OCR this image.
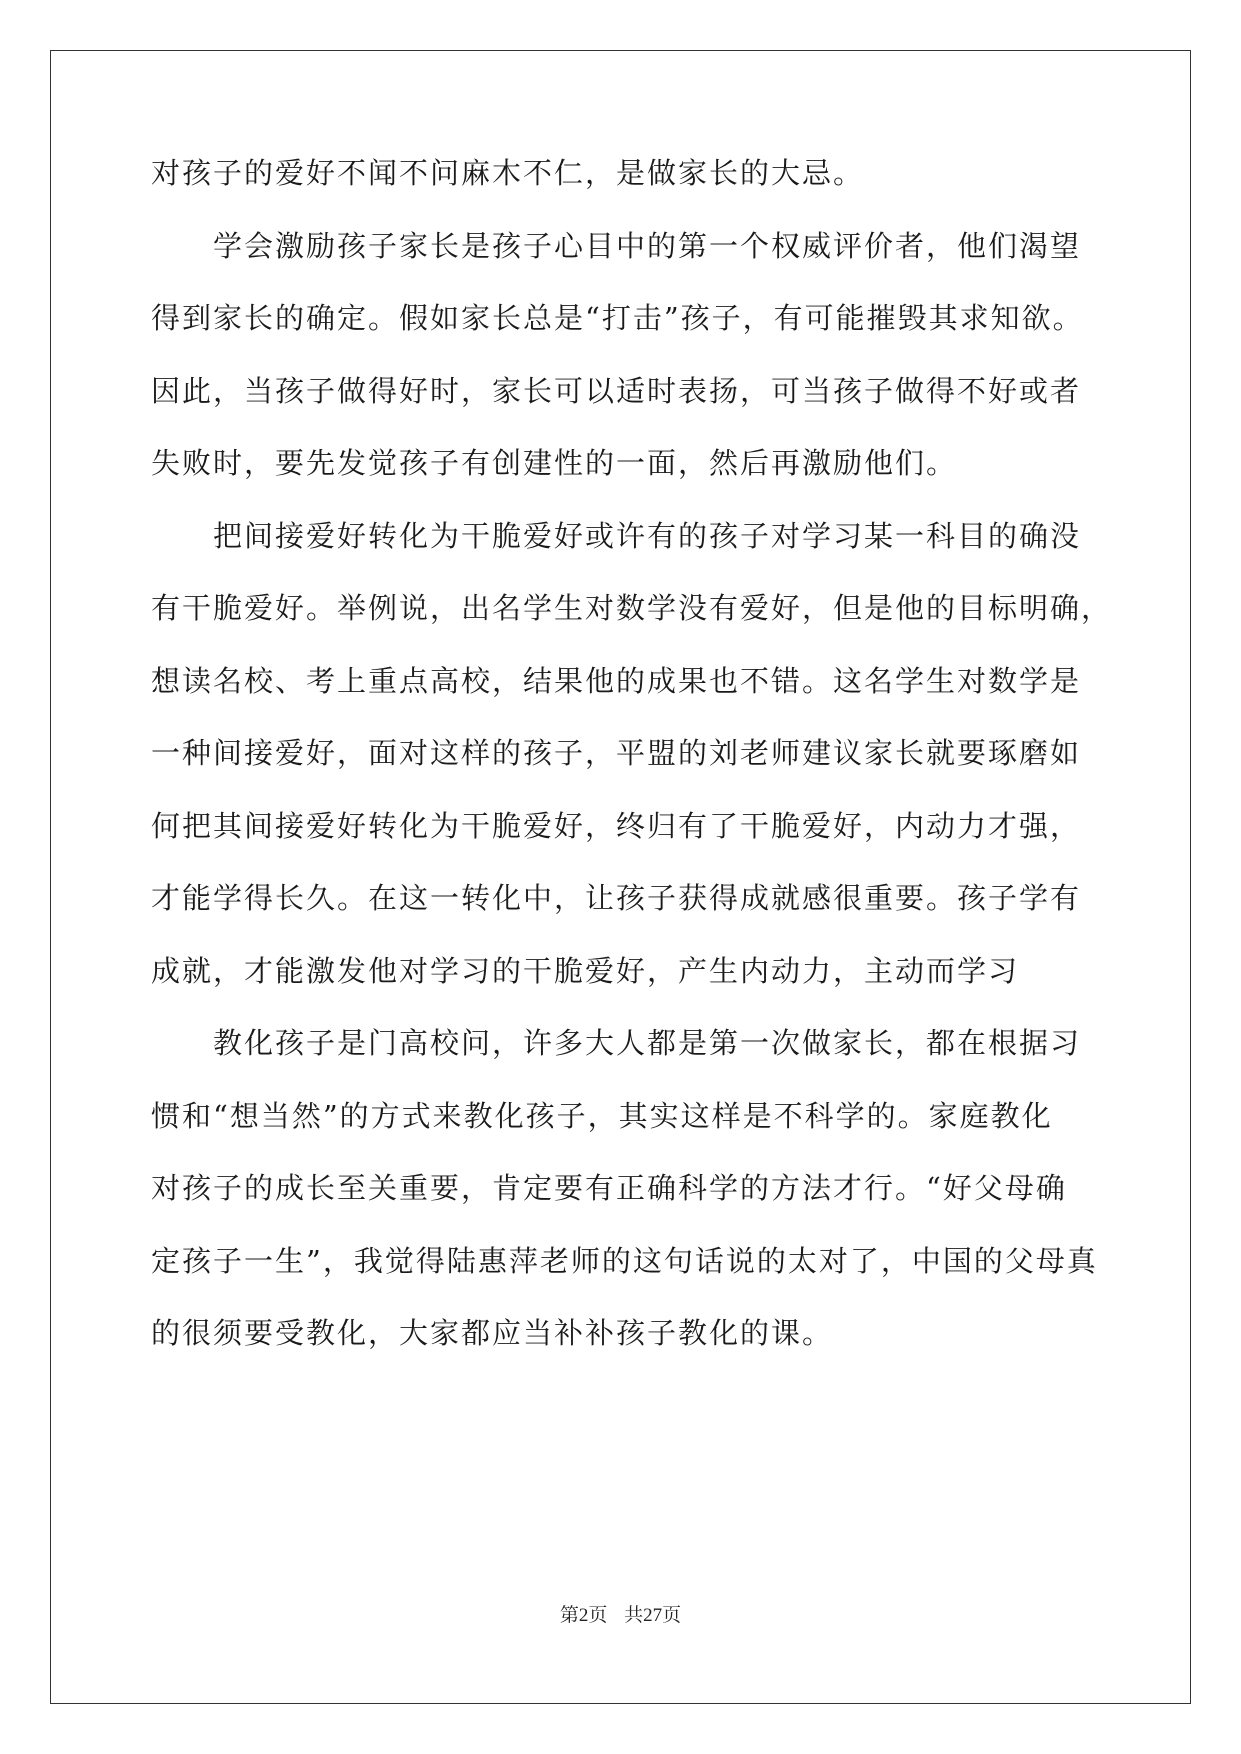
对孩子的爱好不闻不问麻木不仁，是做家长的大忌。
　　学会激励孩子家长是孩子心目中的第一个权威评价者，他们渴望
得到家长的确定。假如家长总是“打击”孩子，有可能摧毁其求知欲。
因此，当孩子做得好时，家长可以适时表扬，可当孩子做得不好或者
失败时，要先发觉孩子有创建性的一面，然后再激励他们。
　　把间接爱好转化为干脆爱好或许有的孩子对学习某一科目的确没
有干脆爱好。举例说，出名学生对数学没有爱好，但是他的目标明确，
想读名校、考上重点高校，结果他的成果也不错。这名学生对数学是
一种间接爱好，面对这样的孩子，平盟的刘老师建议家长就要琢磨如
何把其间接爱好转化为干脆爱好，终归有了干脆爱好，内动力才强，
才能学得长久。在这一转化中，让孩子获得成就感很重要。孩子学有
成就，才能激发他对学习的干脆爱好，产生内动力，主动而学习
　　教化孩子是门高校问，许多大人都是第一次做家长，都在根据习
惯和“想当然”的方式来教化孩子，其实这样是不科学的。家庭教化
对孩子的成长至关重要，肯定要有正确科学的方法才行。“好父母确
定孩子一生”，我觉得陆惠萍老师的这句话说的太对了，中国的父母真
的很须要受教化，大家都应当补补孩子教化的课。
第2页 共27页
